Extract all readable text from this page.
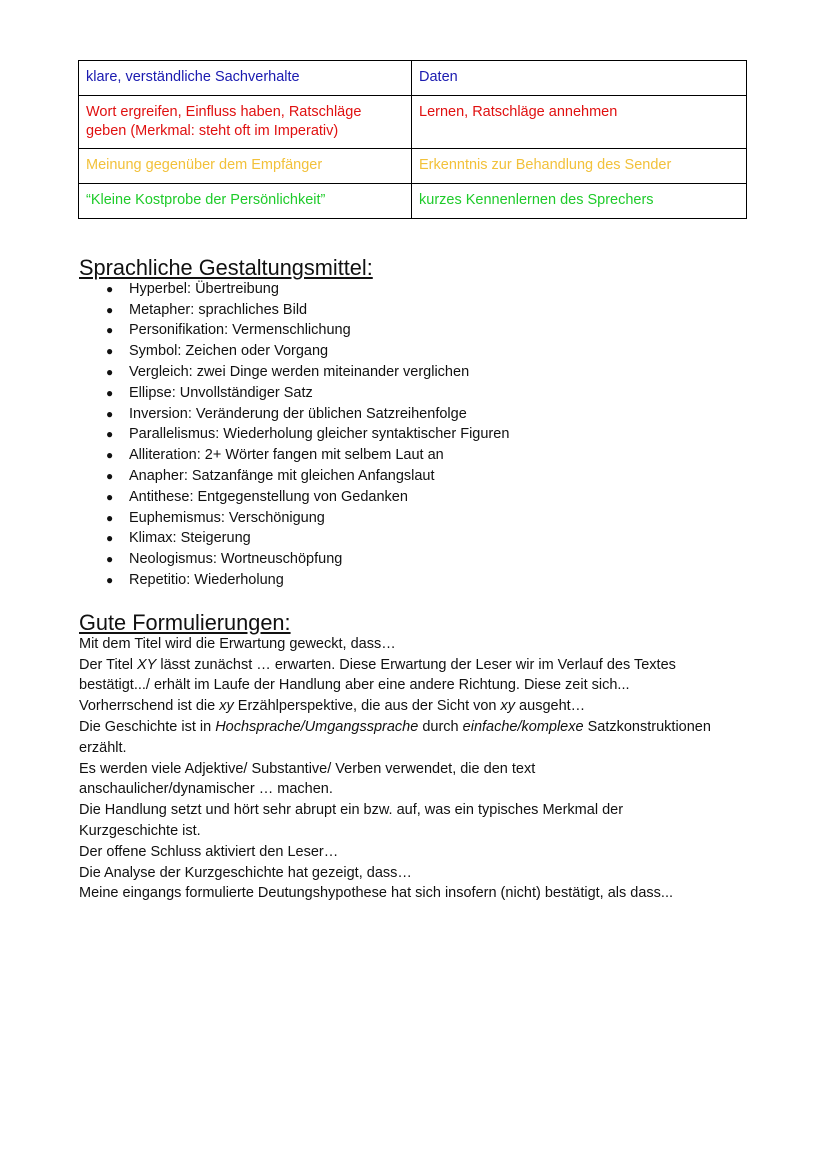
klare, verständliche Sachverhalte	Daten
Wort ergreifen, Einfluss haben, Ratschläge geben (Merkmal: steht oft im Imperativ)	Lernen, Ratschläge annehmen
Meinung gegenüber dem Empfänger	Erkenntnis zur Behandlung des Sender
“Kleine Kostprobe der Persönlichkeit”	kurzes Kennenlernen des Sprechers
Sprachliche Gestaltungsmittel:
● Hyperbel: Übertreibung
● Metapher: sprachliches Bild
● Personifikation: Vermenschlichung
● Symbol: Zeichen oder Vorgang
● Vergleich: zwei Dinge werden miteinander verglichen
● Ellipse: Unvollständiger Satz
● Inversion: Veränderung der üblichen Satzreihenfolge
● Parallelismus: Wiederholung gleicher syntaktischer Figuren
● Alliteration: 2+ Wörter fangen mit selbem Laut an
● Anapher: Satzanfänge mit gleichen Anfangslaut
● Antithese: Entgegenstellung von Gedanken
● Euphemismus: Verschönigung
● Klimax: Steigerung
● Neologismus: Wortneuschöpfung
● Repetitio: Wiederholung
Gute Formulierungen:

Mit dem Titel wird die Erwartung geweckt, dass…

Der Titel XY lässt zunächst … erwarten. Diese Erwartung der Leser wir im Verlauf des Textes

bestätigt.../ erhält im Laufe der Handlung aber eine andere Richtung. Diese zeit sich...

Vorherrschend ist die xy Erzählperspektive, die aus der Sicht von xy ausgeht…

Die Geschichte ist in Hochsprache/Umgangssprache durch einfache/komplexe Satzkonstruktionen

erzählt.

Es werden viele Adjektive/ Substantive/ Verben verwendet, die den text

anschaulicher/dynamischer … machen.

Die Handlung setzt und hört sehr abrupt ein bzw. auf, was ein typisches Merkmal der

Kurzgeschichte ist.

Der offene Schluss aktiviert den Leser…

Die Analyse der Kurzgeschichte hat gezeigt, dass…

Meine eingangs formulierte Deutungshypothese hat sich insofern (nicht) bestätigt, als dass...
